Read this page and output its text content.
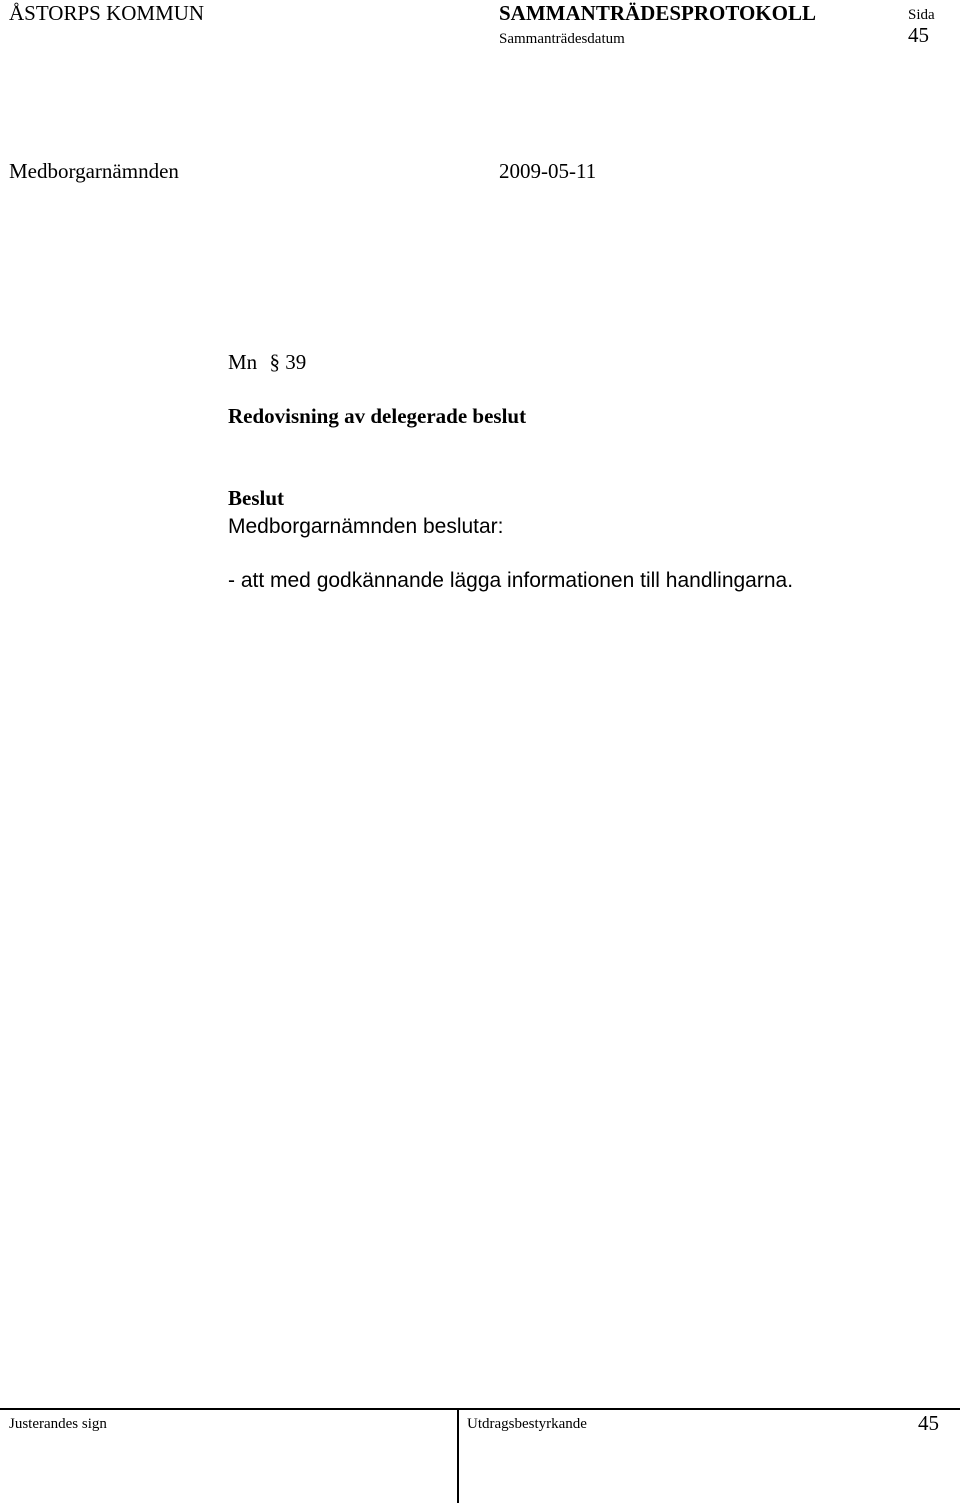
ÅSTORPS KOMMUN	SAMMANTRÄDESPROTOKOLL
Sammanträdesdatum
Sida
45
Medborgarnämnden	2009-05-11
Mn § 39
Redovisning av delegerade beslut
Beslut
Medborgarnämnden beslutar:
- att med godkännande lägga informationen till handlingarna.
Justerandes sign	Utdragsbestyrkande	45
